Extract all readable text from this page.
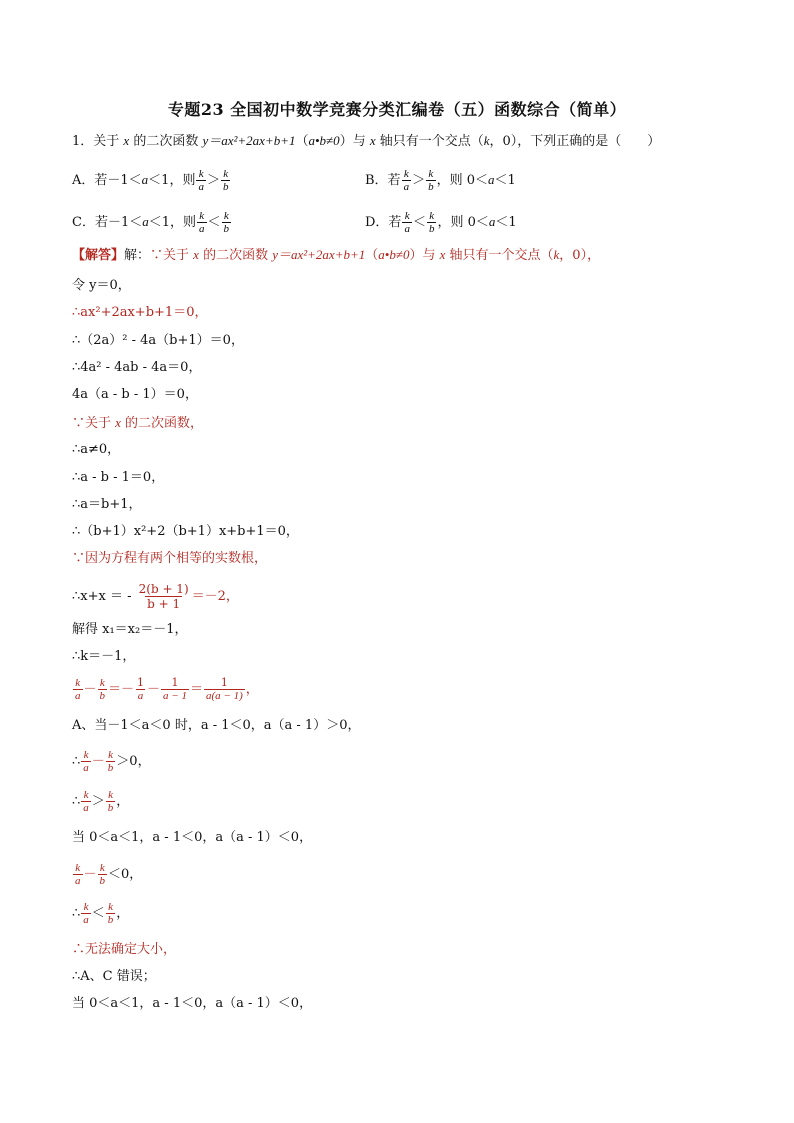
专题23 全国初中数学竞赛分类汇编卷（五）函数综合（简单）
1．关于 x 的二次函数 y＝ax²+2ax+b+1（a•b≠0）与 x 轴只有一个交点（k，0），下列正确的是（　　）
A．若－1＜a＜1，则 $\frac{k}{a} > \frac{k}{b}$	B．若 $\frac{k}{a} > \frac{k}{b}$ ，则 0＜a＜1
C．若－1＜a＜1，则 $\frac{k}{a} < \frac{k}{b}$	D．若 $\frac{k}{a} < \frac{k}{b}$ ，则 0＜a＜1
【解答】解：∵关于 x 的二次函数 y＝ax²+2ax+b+1（a•b≠0）与 x 轴只有一个交点（k，0），
令 y＝0，
∴ax²+2ax+b+1＝0，
∴（2a）² - 4a（b+1）＝0，
∴4a² - 4ab - 4a＝0，
4a（a - b - 1）＝0，
∵关于 x 的二次函数，
∴a≠0，
∴a - b - 1＝0，
∴a＝b+1，
∴（b+1）x²+2（b+1）x+b+1＝0，
∵因为方程有两个相等的实数根，
∴x+x ＝ - $\frac{2(b + 1)}{b + 1} =-2$，
解得 x₁＝x₂＝－1，
∴k＝－1，
$\frac{k}{a} - \frac{k}{b} =- \frac{1}{a} - \frac{1}{a - 1} = \frac{1}{a(a - 1)}$ ，
A、当－1＜a＜0 时，a - 1＜0，a（a - 1）＞0，
∴ $\frac{k}{a} - \frac{k}{b} >0$，
∴ $\frac{k}{a} > \frac{k}{b}$ ，
当 0＜a＜1，a - 1＜0，a（a - 1）＜0，
$\frac{k}{a} - \frac{k}{b} <0$，
∴ $\frac{k}{a} < \frac{k}{b}$ ，
∴无法确定大小，
∴A、C 错误；
当 0＜a＜1，a - 1＜0，a（a - 1）＜0，
